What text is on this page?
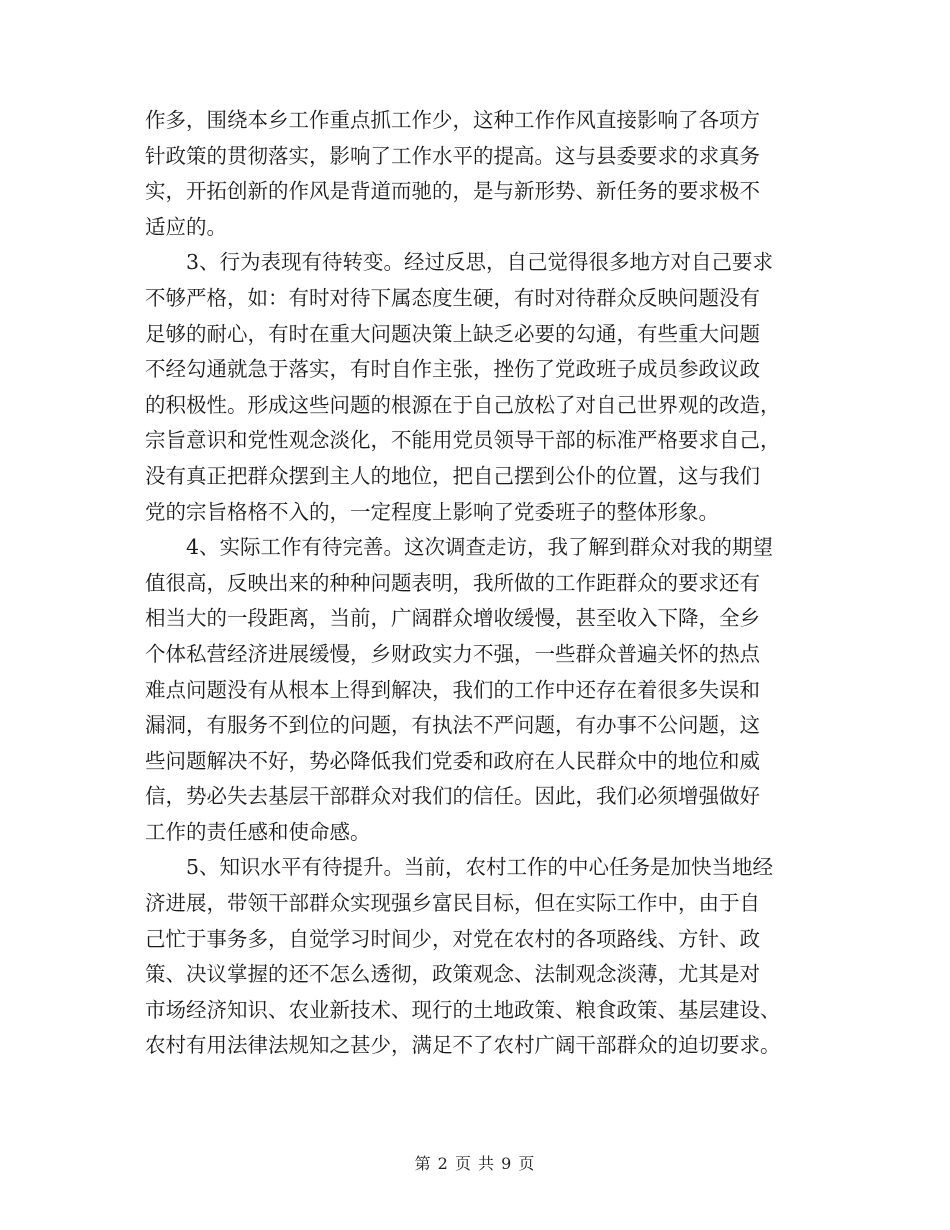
作多，围绕本乡工作重点抓工作少，这种工作作风直接影响了各项方
针政策的贯彻落实，影响了工作水平的提高。这与县委要求的求真务
实，开拓创新的作风是背道而驰的，是与新形势、新任务的要求极不
适应的。

3、行为表现有待转变。经过反思，自己觉得很多地方对自己要求
不够严格，如：有时对待下属态度生硬，有时对待群众反映问题没有
足够的耐心，有时在重大问题决策上缺乏必要的勾通，有些重大问题
不经勾通就急于落实，有时自作主张，挫伤了党政班子成员参政议政
的积极性。形成这些问题的根源在于自己放松了对自己世界观的改造，
宗旨意识和党性观念淡化，不能用党员领导干部的标准严格要求自己，
没有真正把群众摆到主人的地位，把自己摆到公仆的位置，这与我们
党的宗旨格格不入的，一定程度上影响了党委班子的整体形象。

4、实际工作有待完善。这次调查走访，我了解到群众对我的期望
值很高，反映出来的种种问题表明，我所做的工作距群众的要求还有
相当大的一段距离，当前，广阔群众增收缓慢，甚至收入下降，全乡
个体私营经济进展缓慢，乡财政实力不强，一些群众普遍关怀的热点
难点问题没有从根本上得到解决，我们的工作中还存在着很多失误和
漏洞，有服务不到位的问题，有执法不严问题，有办事不公问题，这
些问题解决不好，势必降低我们党委和政府在人民群众中的地位和威
信，势必失去基层干部群众对我们的信任。因此，我们必须增强做好
工作的责任感和使命感。

5、知识水平有待提升。当前，农村工作的中心任务是加快当地经
济进展，带领干部群众实现强乡富民目标，但在实际工作中，由于自
己忙于事务多，自觉学习时间少，对党在农村的各项路线、方针、政
策、决议掌握的还不怎么透彻，政策观念、法制观念淡薄，尤其是对
市场经济知识、农业新技术、现行的土地政策、粮食政策、基层建设、
农村有用法律法规知之甚少，满足不了农村广阔干部群众的迫切要求。

第 2 页 共 9 页
